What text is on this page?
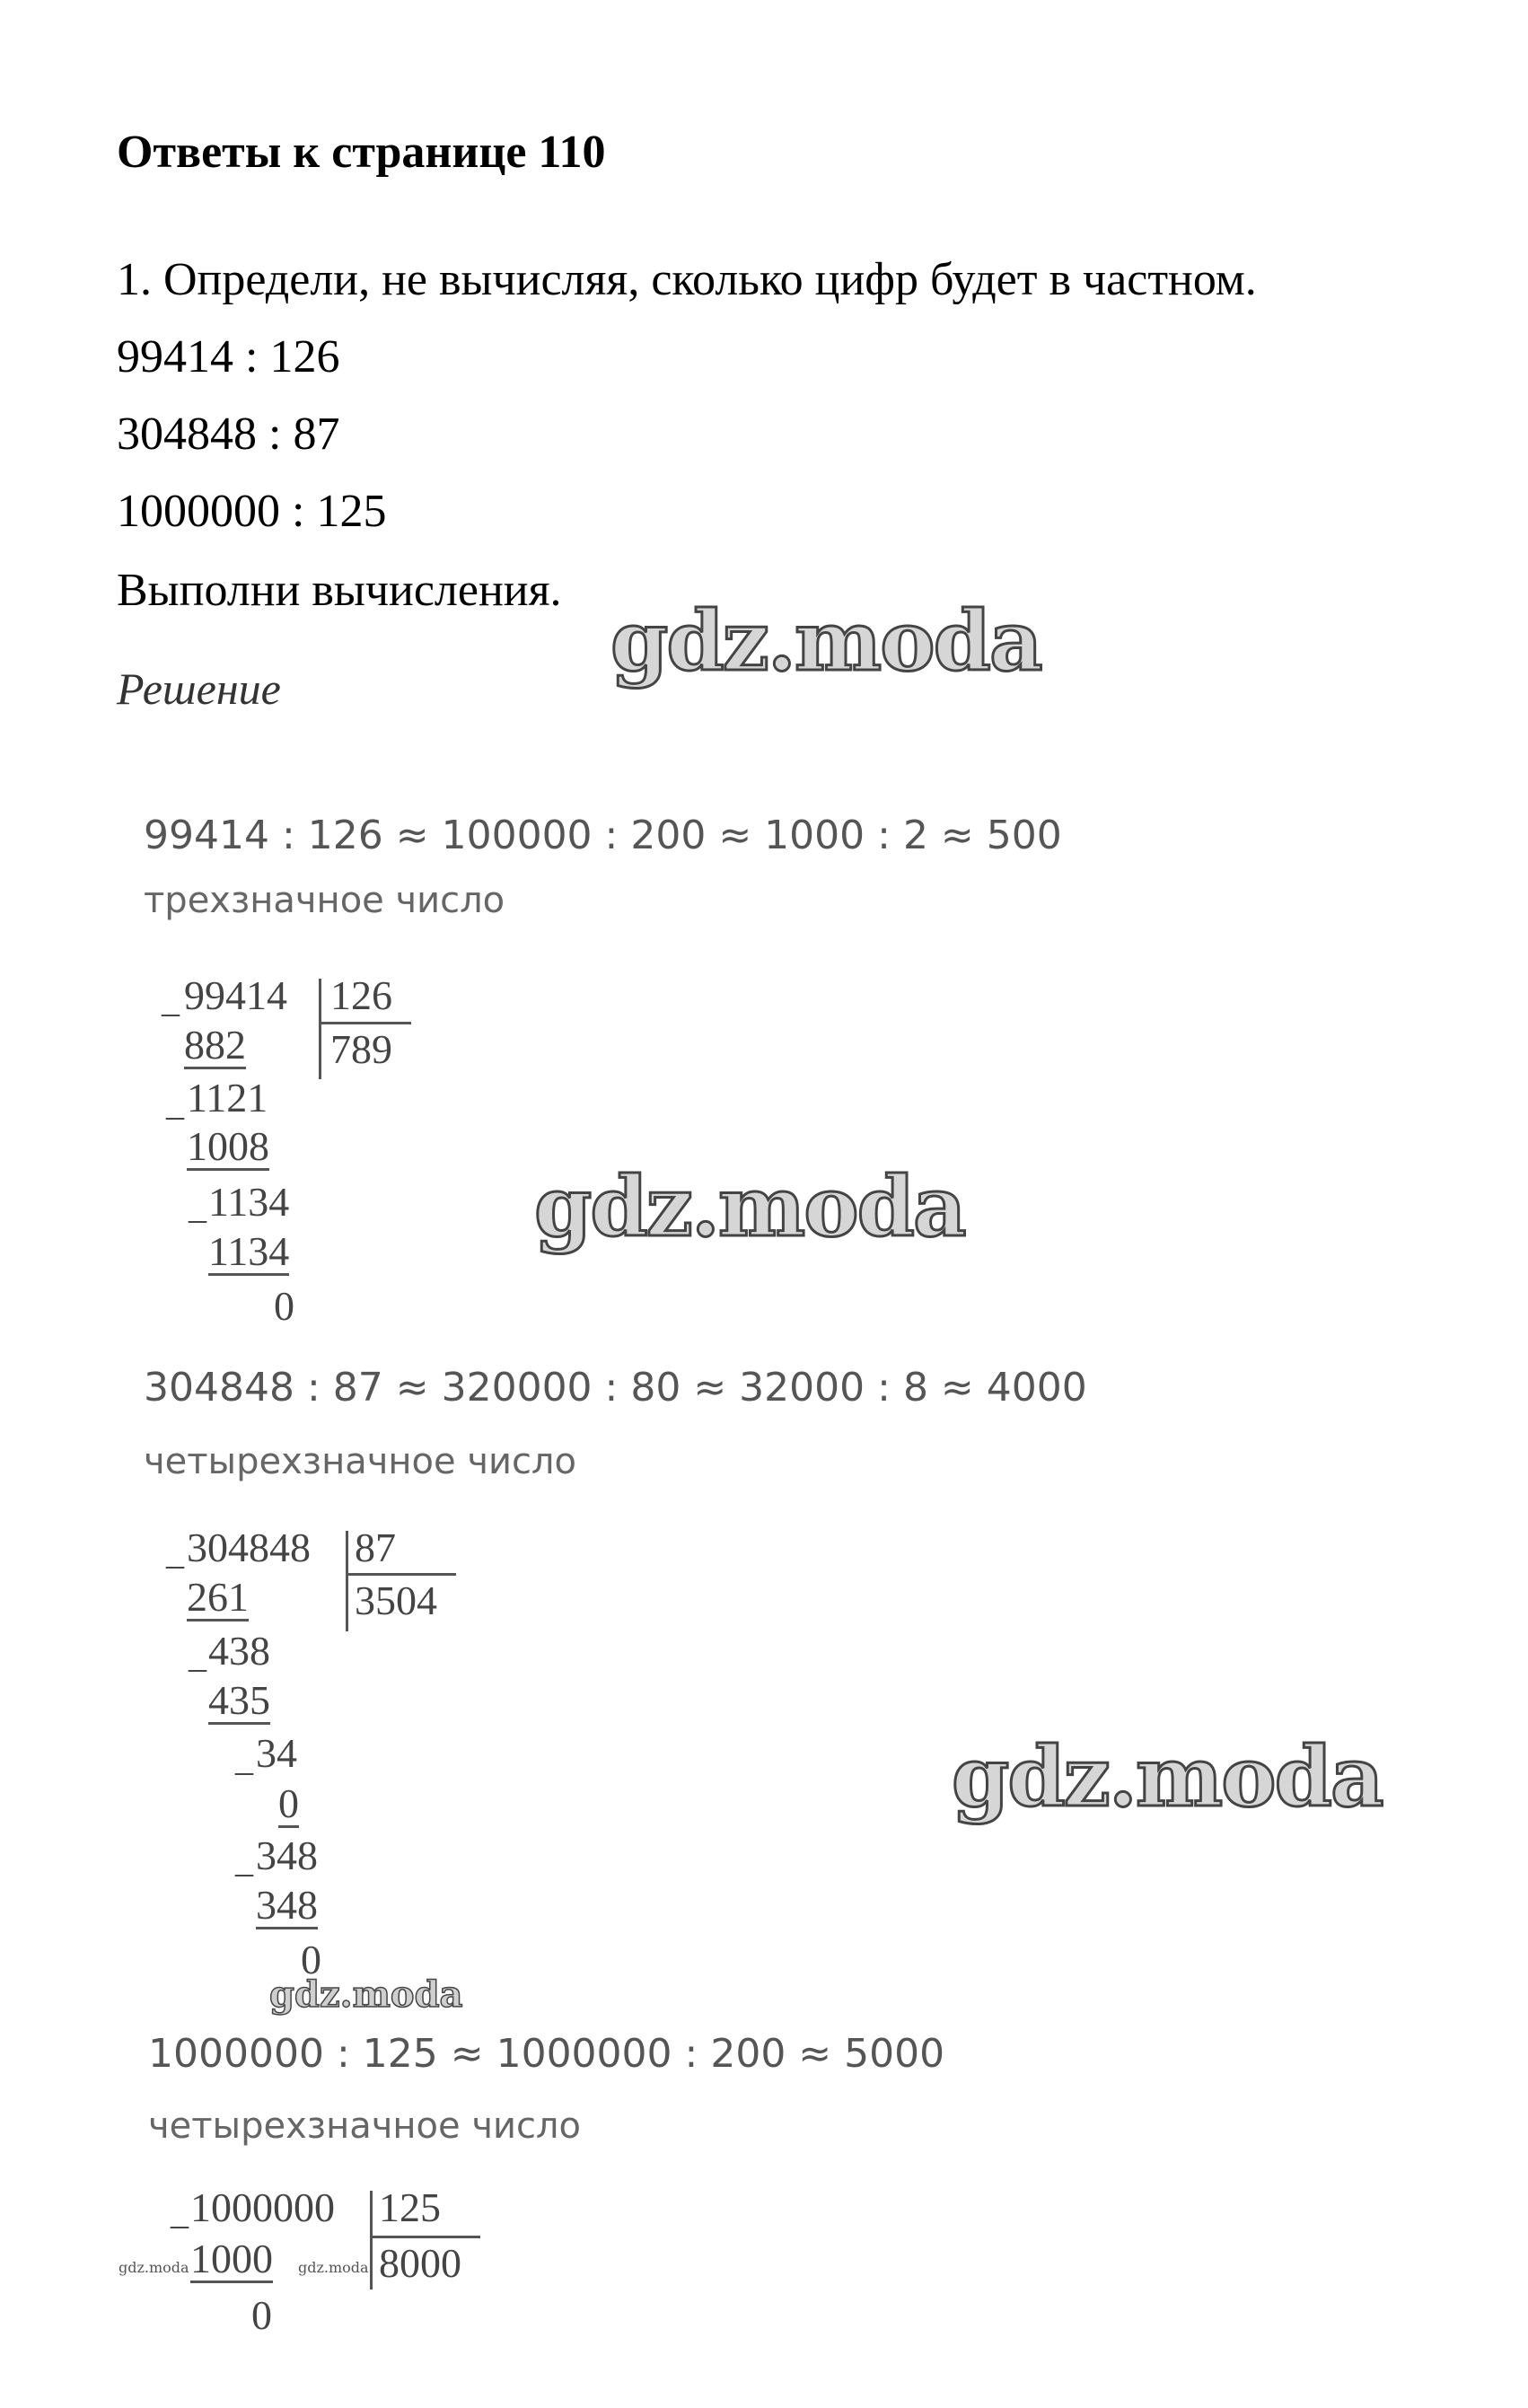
Ответы к странице 110
1. Определи, не вычисляя, сколько цифр будет в частном.
99414 : 126
304848 : 87
1000000 : 125
Выполни вычисления.
gdz.moda
Решение
99414 : 126 ≈ 100000 : 200 ≈ 1000 : 2 ≈ 500
трехзначное число
_ 99414 126
789
882
_ 1121
1008
_ 1134
1134
0
gdz.moda
304848 : 87 ≈ 320000 : 80 ≈ 32000 : 8 ≈ 4000
четырехзначное число
_ 304848 87
3504
261
_ 438
435
_ 34
0
_ 348
348
0
gdz.moda
gdz.moda
1000000 : 125 ≈ 1000000 : 200 ≈ 5000
четырехзначное число
_ 1000000 125
8000
gdz.moda 1000 gdz.moda
0
